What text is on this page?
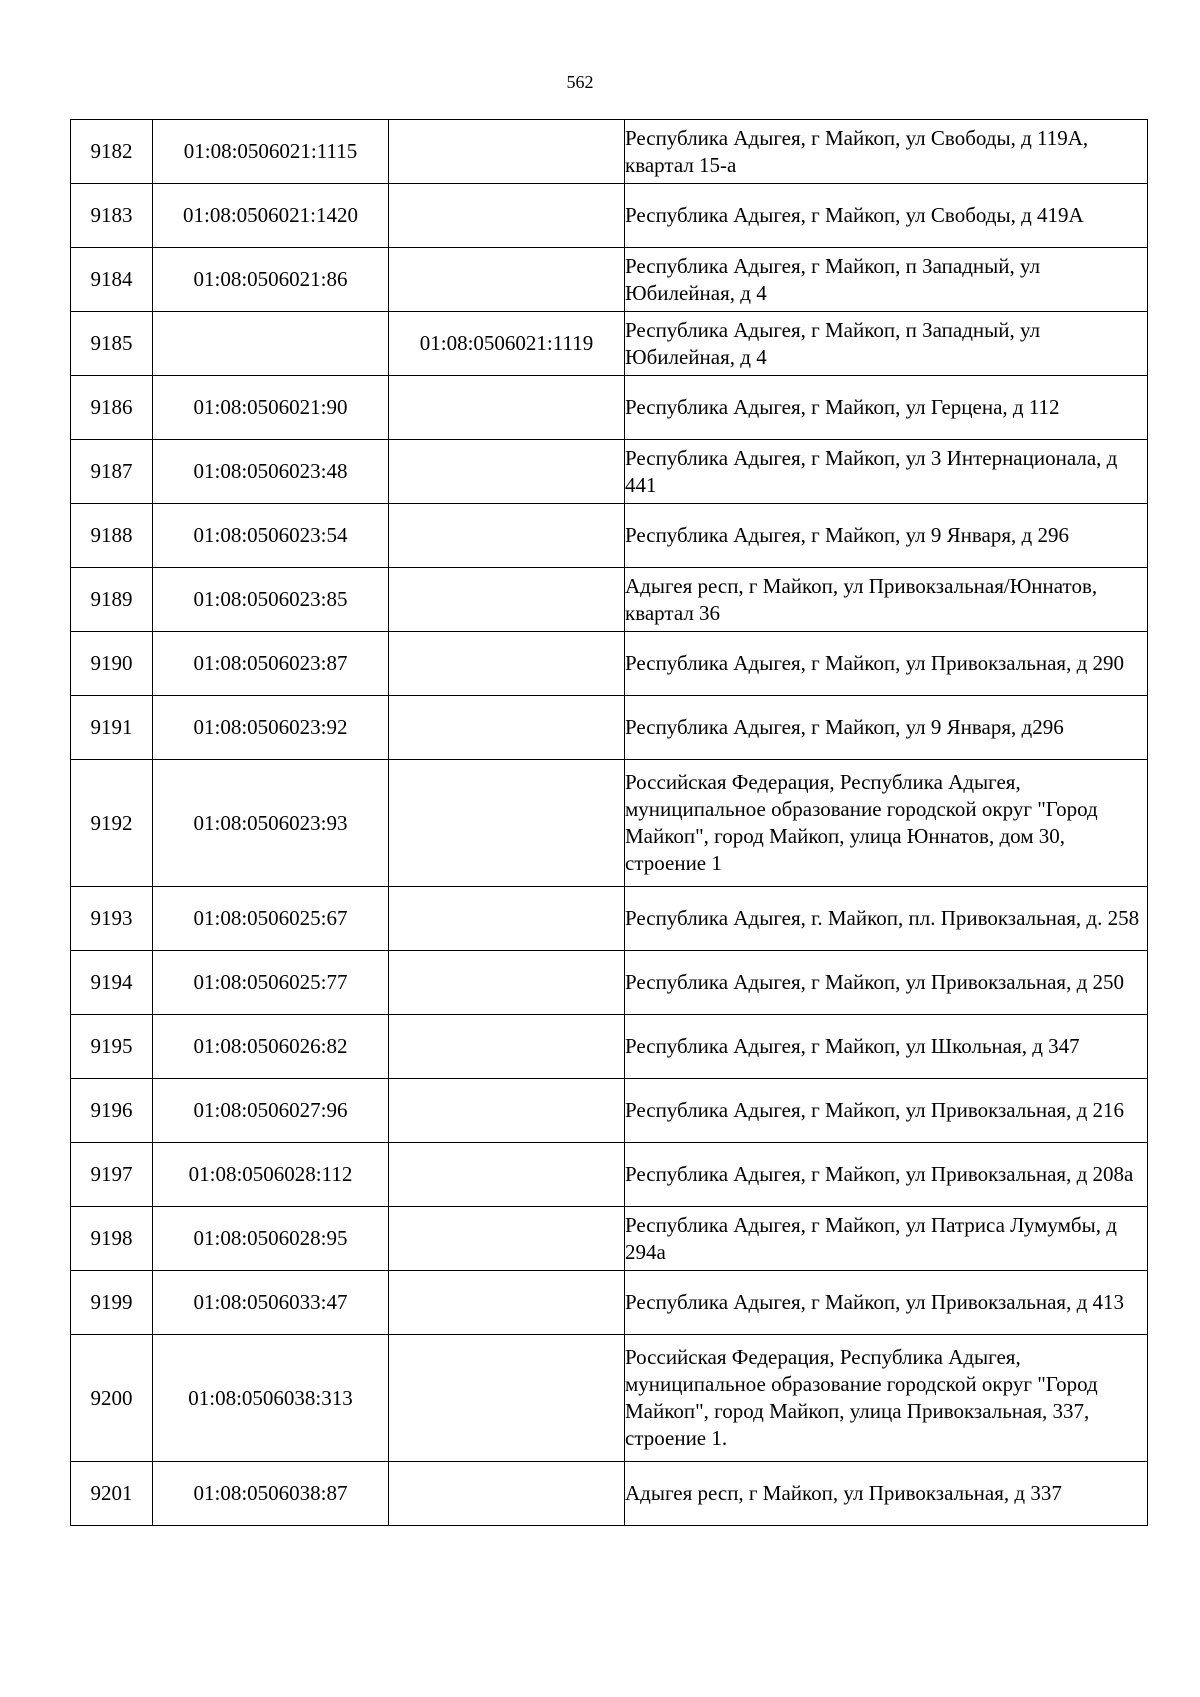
562
9182	01:08:0506021:1115		Республика Адыгея, г Майкоп, ул Свободы, д 119А, квартал 15-а
9183	01:08:0506021:1420		Республика Адыгея, г Майкоп, ул Свободы, д 419А
9184	01:08:0506021:86		Республика Адыгея, г Майкоп, п Западный, ул Юбилейная, д 4
9185		01:08:0506021:1119	Республика Адыгея, г Майкоп, п Западный, ул Юбилейная, д 4
9186	01:08:0506021:90		Республика Адыгея, г Майкоп, ул Герцена, д 112
9187	01:08:0506023:48		Республика Адыгея, г Майкоп, ул 3 Интернационала, д 441
9188	01:08:0506023:54		Республика Адыгея, г Майкоп, ул 9 Января, д 296
9189	01:08:0506023:85		Адыгея респ, г Майкоп, ул Привокзальная/Юннатов, квартал 36
9190	01:08:0506023:87		Республика Адыгея, г Майкоп, ул Привокзальная, д 290
9191	01:08:0506023:92		Республика Адыгея, г Майкоп, ул 9 Января, д296
9192	01:08:0506023:93		Российская Федерация, Республика Адыгея, муниципальное образование городской округ "Город Майкоп", город Майкоп, улица Юннатов, дом 30, строение 1
9193	01:08:0506025:67		Республика Адыгея, г. Майкоп, пл. Привокзальная, д. 258
9194	01:08:0506025:77		Республика Адыгея, г Майкоп, ул Привокзальная, д 250
9195	01:08:0506026:82		Республика Адыгея, г Майкоп, ул Школьная, д 347
9196	01:08:0506027:96		Республика Адыгея, г Майкоп, ул Привокзальная, д 216
9197	01:08:0506028:112		Республика Адыгея, г Майкоп, ул Привокзальная, д 208а
9198	01:08:0506028:95		Республика Адыгея, г Майкоп, ул Патриса Лумумбы, д 294а
9199	01:08:0506033:47		Республика Адыгея, г Майкоп, ул Привокзальная, д 413
9200	01:08:0506038:313		Российская Федерация, Республика Адыгея, муниципальное образование городской округ "Город Майкоп", город Майкоп, улица Привокзальная, 337, строение 1.
9201	01:08:0506038:87		Адыгея респ, г Майкоп, ул Привокзальная, д 337
